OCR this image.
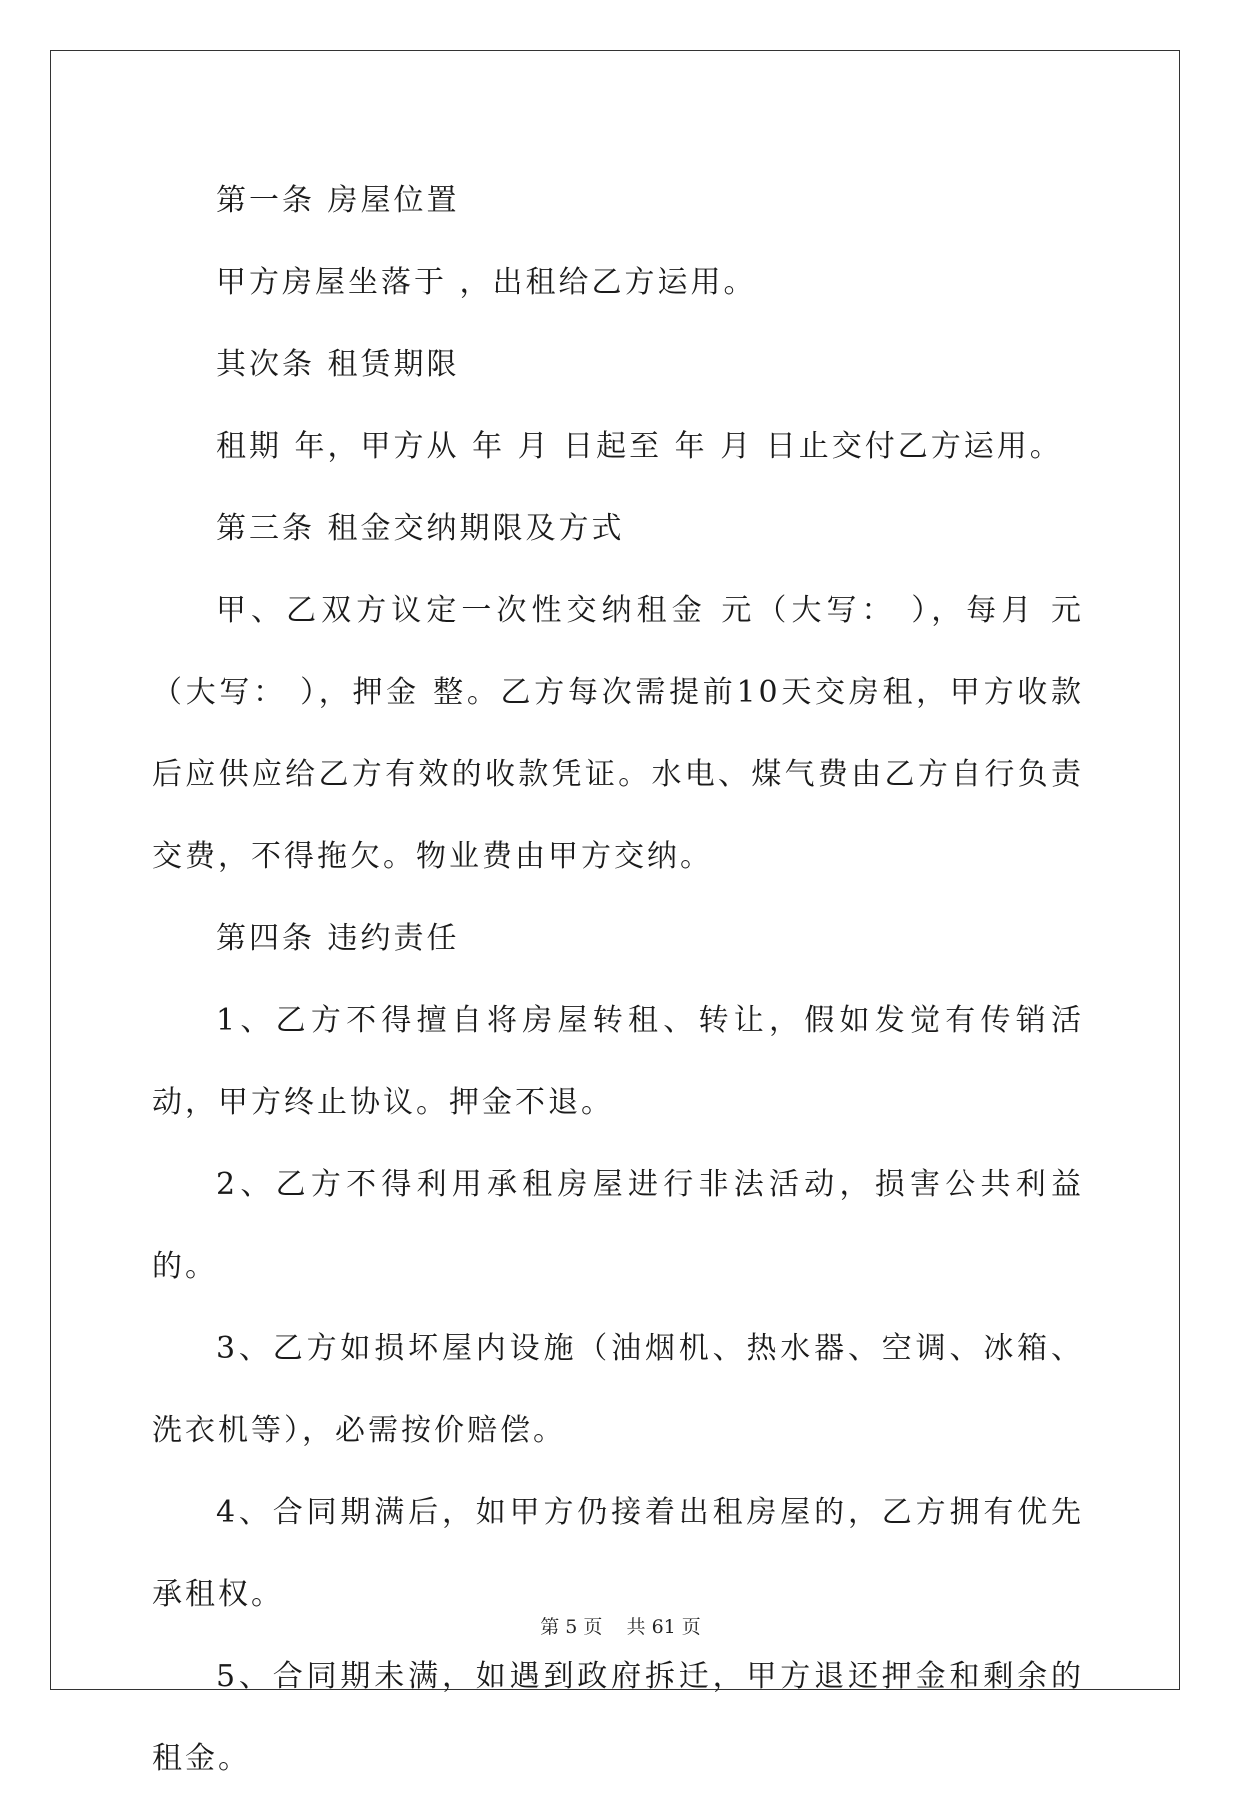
第一条 房屋位置

甲方房屋坐落于 ，出租给乙方运用。

其次条 租赁期限

租期 年，甲方从 年 月 日起至 年 月 日止交付乙方运用。

第三条 租金交纳期限及方式

甲、乙双方议定一次性交纳租金 元（大写： ），每月 元（大写： ），押金 整。乙方每次需提前10天交房租，甲方收款后应供应给乙方有效的收款凭证。水电、煤气费由乙方自行负责交费，不得拖欠。物业费由甲方交纳。

第四条 违约责任

1、乙方不得擅自将房屋转租、转让，假如发觉有传销活动，甲方终止协议。押金不退。

2、乙方不得利用承租房屋进行非法活动，损害公共利益的。

3、乙方如损坏屋内设施（油烟机、热水器、空调、冰箱、洗衣机等），必需按价赔偿。

4、合同期满后，如甲方仍接着出租房屋的，乙方拥有优先承租权。

5、合同期未满，如遇到政府拆迁，甲方退还押金和剩余的租金。

第 5 页 共 61 页
